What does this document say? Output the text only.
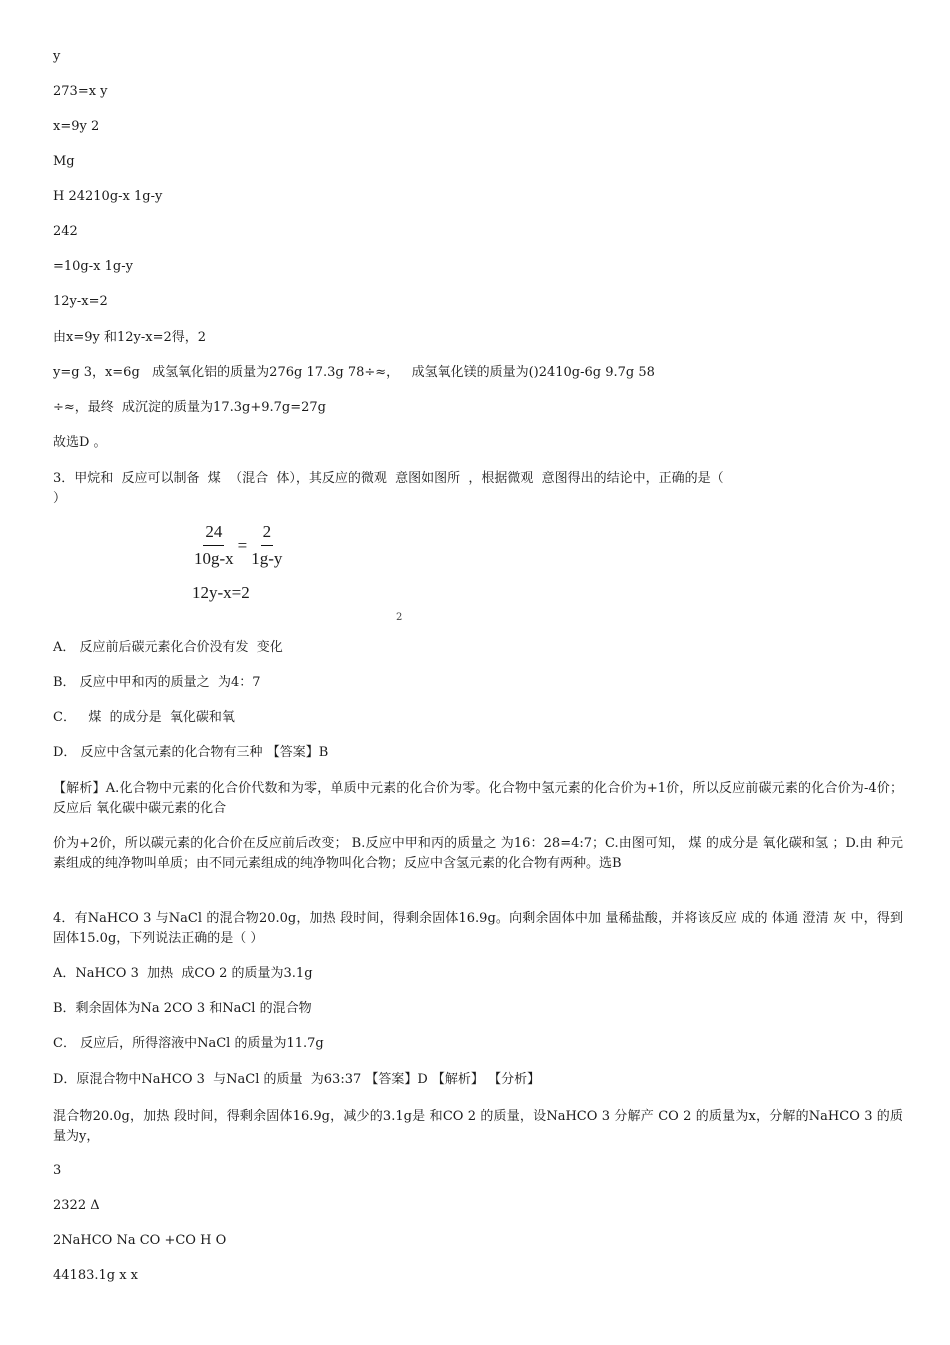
y

273=x y

x=9y 2

Mg

H 24210g-x 1g-y

242

=10g-x 1g-y

12y-x=2

由x=9y 和12y-x=2得，2

y=g 3，x=6g   成氢氧化铝的质量为276g 17.3g 78÷≈，   成氢氧化镁的质量为()2410g-6g 9.7g 58

÷≈，最终  成沉淀的质量为17.3g+9.7g=27g

故选D 。

3．甲烷和  反应可以制备  煤  （混合  体），其反应的微观  意图如图所  ，根据微观  意图得出的结论中，正确的是（
）

$\frac{24}{10g-x} = \frac{2}{1g-y}$
12y-x=2
2

A． 反应前后碳元素化合价没有发  变化

B． 反应中甲和丙的质量之  为4：7

C．   煤  的成分是  氧化碳和氧

D． 反应中含氢元素的化合物有三种 【答案】B

【解析】A.化合物中元素的化合价代数和为零，单质中元素的化合价为零。化合物中氢元素的化合价为+1价，所以反应前碳元素的化合价为-4价；反应后 氧化碳中碳元素的化合

价为+2价，所以碳元素的化合价在反应前后改变； B.反应中甲和丙的质量之 为16：28=4:7；C.由图可知， 煤 的成分是 氧化碳和氢 ；D.由 种元素组成的纯净物叫单质；由不同元素组成的纯净物叫化合物；反应中含氢元素的化合物有两种。选B

4．有NaHCO 3 与NaCl 的混合物20.0g，加热 段时间，得剩余固体16.9g。向剩余固体中加 量稀盐酸，并将该反应 成的 体通 澄清 灰 中，得到 固体15.0g，下列说法正确的是（ ）

A．NaHCO 3  加热  成CO 2 的质量为3.1g

B．剩余固体为Na 2CO 3 和NaCl 的混合物

C． 反应后，所得溶液中NaCl 的质量为11.7g

D．原混合物中NaHCO 3  与NaCl 的质量  为63:37 【答案】D 【解析】 【分析】

混合物20.0g，加热 段时间，得剩余固体16.9g，减少的3.1g是 和CO 2 的质量，设NaHCO 3 分解产 CO 2 的质量为x，分解的NaHCO 3 的质量为y，

3

2322 Δ

2NaHCO Na CO +CO H O

44183.1g x x
